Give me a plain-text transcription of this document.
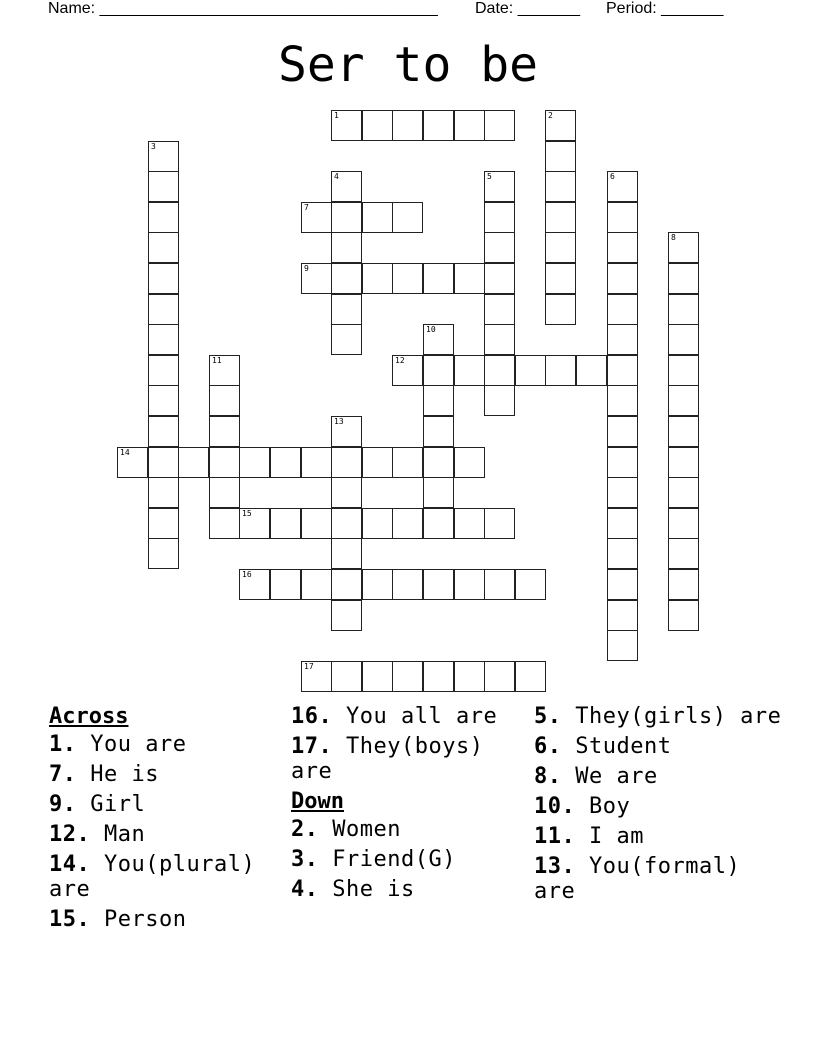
Name: ______________________________________ Date: _______ Period: _______
Ser to be
1
7
9
12
14
15
16
17
2
3
4	5	6
8
10
11
13
Across
1. You are
7. He is
9. Girl
12. Man
14. You(plural) are
15. Person
16. You all are
17. They(boys) are
Down
2. Women
3. Friend(G)
4. She is
5. They(girls) are
6. Student
8. We are
10. Boy
11. I am
13. You(formal) are
